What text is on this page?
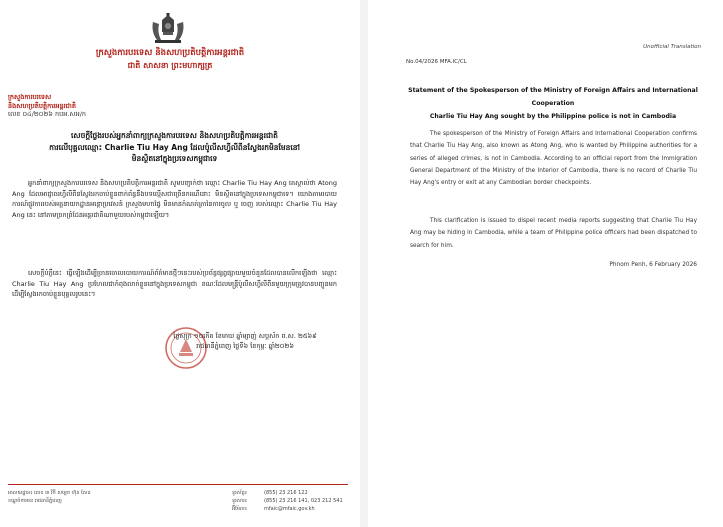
ក្រសួងការបរទេស និងសហប្រតិបត្តិការអន្តរជាតិ
ជាតិ សាសនា ព្រះមហាក្សត្រ
ក្រសួងការបរទេស
និងសហប្រតិបត្តិការអន្តរជាតិ
លេខ ០៤/២០២៦ កបអ.សអ/ក
សេចក្តីថ្លែងរបស់អ្នកនាំពាក្យក្រសួងការបរទេស និងសហប្រតិបត្តិការអន្តរជាតិ
ការលើបុគ្គលឈ្មោះ Charlie Tiu Hay Ang ដែលប៉ូលីសហ្វីលីពីនស្វែងរកមិនមែននៅ
មិនស្ថិតនៅក្នុងប្រទេសកម្ពុជាទេ
អ្នកនាំពាក្យក្រសួងការបរទេស និងសហប្រតិបត្តិការអន្តរជាតិ សូមបញ្ជាក់ថា ឈ្មោះ Charlie Tiu Hay Ang គេស្គាល់ថា Atong Ang ដែលអាជ្ញាធរហ្វីលីពីនស្វែងរកចាប់ខ្លួនពាក់ព័ន្ធនឹងបទល្មើសជាច្រើនករណីនោះ មិនស្ថិតនៅក្នុងប្រទេសកម្ពុជាទេ។ យោងតាមរបាយការណ៍ផ្លូវការរបស់អគ្គនាយកដ្ឋានអន្តោប្រវេសន៍ ក្រសួងមហាផ្ទៃ មិនមានកំណត់ត្រានៃការចូល ឬ ចេញ របស់ឈ្មោះ Charlie Tiu Hay Ang នេះ នៅតាមច្រកព្រំដែនអន្តរជាតិណាមួយរបស់កម្ពុជាឡើយ។
សេចក្តីបំភ្លឺនេះ ធ្វើឡើងដើម្បីច្រានចោលរបាយការណ៍ព័ត៌មានថ្មីៗនេះរបស់ប្រព័ន្ធផ្សព្វផ្សាយមួយចំនួនដែលបានលើកឡើងថា ឈ្មោះ Charlie Tiu Hay Ang ប្រហែលជាកំពុងលាក់ខ្លួននៅក្នុងប្រទេសកម្ពុជា ខណៈដែលមន្ត្រីប៉ូលីសហ្វីលីពីនមួយក្រុមត្រូវបានបញ្ជូនមកដើម្បីស្វែងរកចាប់ខ្លួនបុគ្គលរូបនេះ។
ថ្ងៃសុក្រ ១០កើត ខែមាឃ ឆ្នាំម្សាញ់ សប្តស័ក ព.ស. ២៥៦៩
រាជធានីភ្នំពេញ ថ្ងៃទី៦ ខែកុម្ភៈ ឆ្នាំ២០២៦
អាសយដ្ឋាន៖ លេខ ៣ វិថី សម្តេច ហ៊ុន សែន
ខណ្ឌចំការមន រាជធានីភ្នំពេញ
ទូរស័ព្ទ៖	(855) 23 216 122
ទូរសារ៖	(855) 23 216 141, 023 212 541
អ៊ីម៉ែល៖	mfaic@mfaic.gov.kh
Unofficial Translation
No.04/2026 MFA.IC/CL
Statement of the Spokesperson of the Ministry of Foreign Affairs and International Cooperation
Charlie Tiu Hay Ang sought by the Philippine police is not in Cambodia
The spokesperson of the Ministry of Foreign Affairs and International Cooperation confirms that Charlie Tiu Hay Ang, also known as Atong Ang, who is wanted by Philippine authorities for a series of alleged crimes, is not in Cambodia. According to an official report from the Immigration General Department of the Ministry of the Interior of Cambodia, there is no record of Charlie Tiu Hay Ang's entry or exit at any Cambodian border checkpoints.
This clarification is issued to dispel recent media reports suggesting that Charlie Tiu Hay Ang may be hiding in Cambodia, while a team of Philippine police officers had been dispatched to search for him.
Phnom Penh, 6 February 2026
